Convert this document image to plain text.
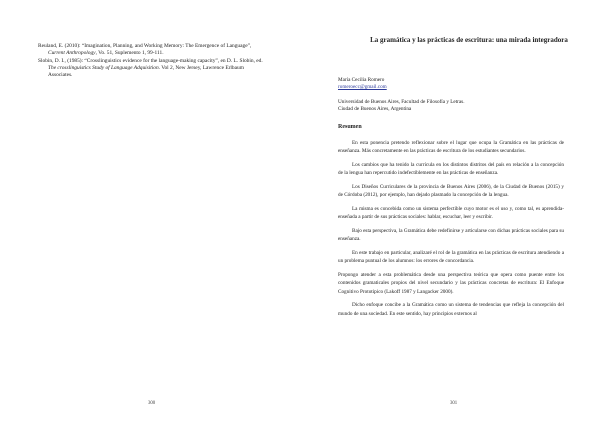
Reuland, E. (2010): “Imagination, Planning, and Working Memory: The Emergence of Language”, Current Anthropology, Vo. 51, Suplemento 1, 99-111.
Slobin, D. I., (1985): “Crosslinguistics evidence for the language-making capacity”, en D. L. Slobin, ed. The crosslinguistics Study of Language Adquisition. Vol 2, New Jersey, Lawrence Erlbaum Associates.
300
La gramática y las prácticas de escritura: una mirada integradora
María Cecilia Romero
romeroecc@gmail.com
Universidad de Buenos Aires, Facultad de Filosofía y Letras.
Ciudad de Buenos Aires, Argentina
Resumen

En esta ponencia pretendo reflexionar sobre el lugar que ocupa la Gramática en las prácticas de enseñanza. Más concretamente en las prácticas de escritura de los estudiantes secundarios.

Los cambios que ha tenido la currícula en los distintos distritos del país en relación a la concepción de la lengua han repercutido indefectiblemente en las prácticas de enseñanza.

Los Diseños Curriculares de la provincia de Buenos Aires (2006), de la Ciudad de Buenos (2015) y de Córdoba (2012), por ejemplo, han dejado plasmado la concepción de la lengua.

La misma es concebida como un sistema perfectible cuyo motor es el uso y, como tal, es aprendida-enseñada a partir de sus prácticas sociales: hablar, escuchar, leer y escribir.

Bajo esta perspectiva, la Gramática debe redefinirse y articularse con dichas prácticas sociales para su enseñanza.

En este trabajo en particular, analizaré el rol de la gramática en las prácticas de escritura atendiendo a un problema puntual de los alumnos: los errores de concordancia.

Propongo atender a esta problemática desde una perspectiva teórica que opera como puente entre los contenidos gramaticales propios del nivel secundario y las prácticas concretas de escritura: El Enfoque Cognitivo Prototipico (Lakoff 1987 y Langacker 2000).

Dicho enfoque concibe a la Gramática como un sistema de tendencias que refleja la concepción del mundo de una sociedad. En este sentido, hay principios externos al

301
